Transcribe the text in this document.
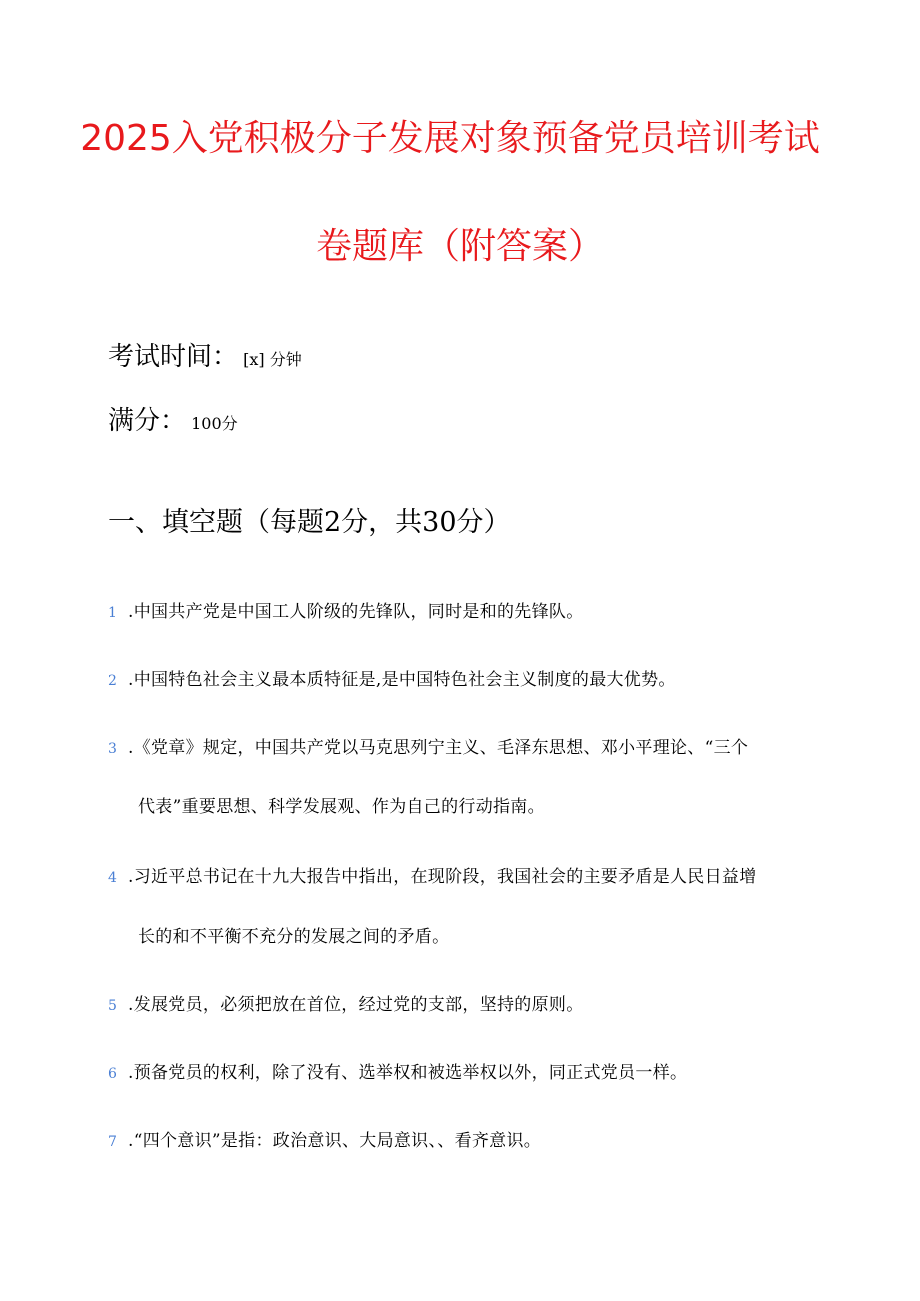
2025入党积极分子发展对象预备党员培训考试
卷题库（附答案）
考试时间： [x] 分钟
满分： 100分
一、填空题（每题2分，共30分）
1 .中国共产党是中国工人阶级的先锋队，同时是和的先锋队。
2 .中国特色社会主义最本质特征是,是中国特色社会主义制度的最大优势。
3 .《党章》规定，中国共产党以马克思列宁主义、毛泽东思想、邓小平理论、“三个
代表”重要思想、科学发展观、作为自己的行动指南。
4 .习近平总书记在十九大报告中指出，在现阶段，我国社会的主要矛盾是人民日益增
长的和不平衡不充分的发展之间的矛盾。
5 .发展党员，必须把放在首位，经过党的支部，坚持的原则。
6 .预备党员的权利，除了没有、选举权和被选举权以外，同正式党员一样。
7 .“四个意识”是指：政治意识、大局意识、、看齐意识。
